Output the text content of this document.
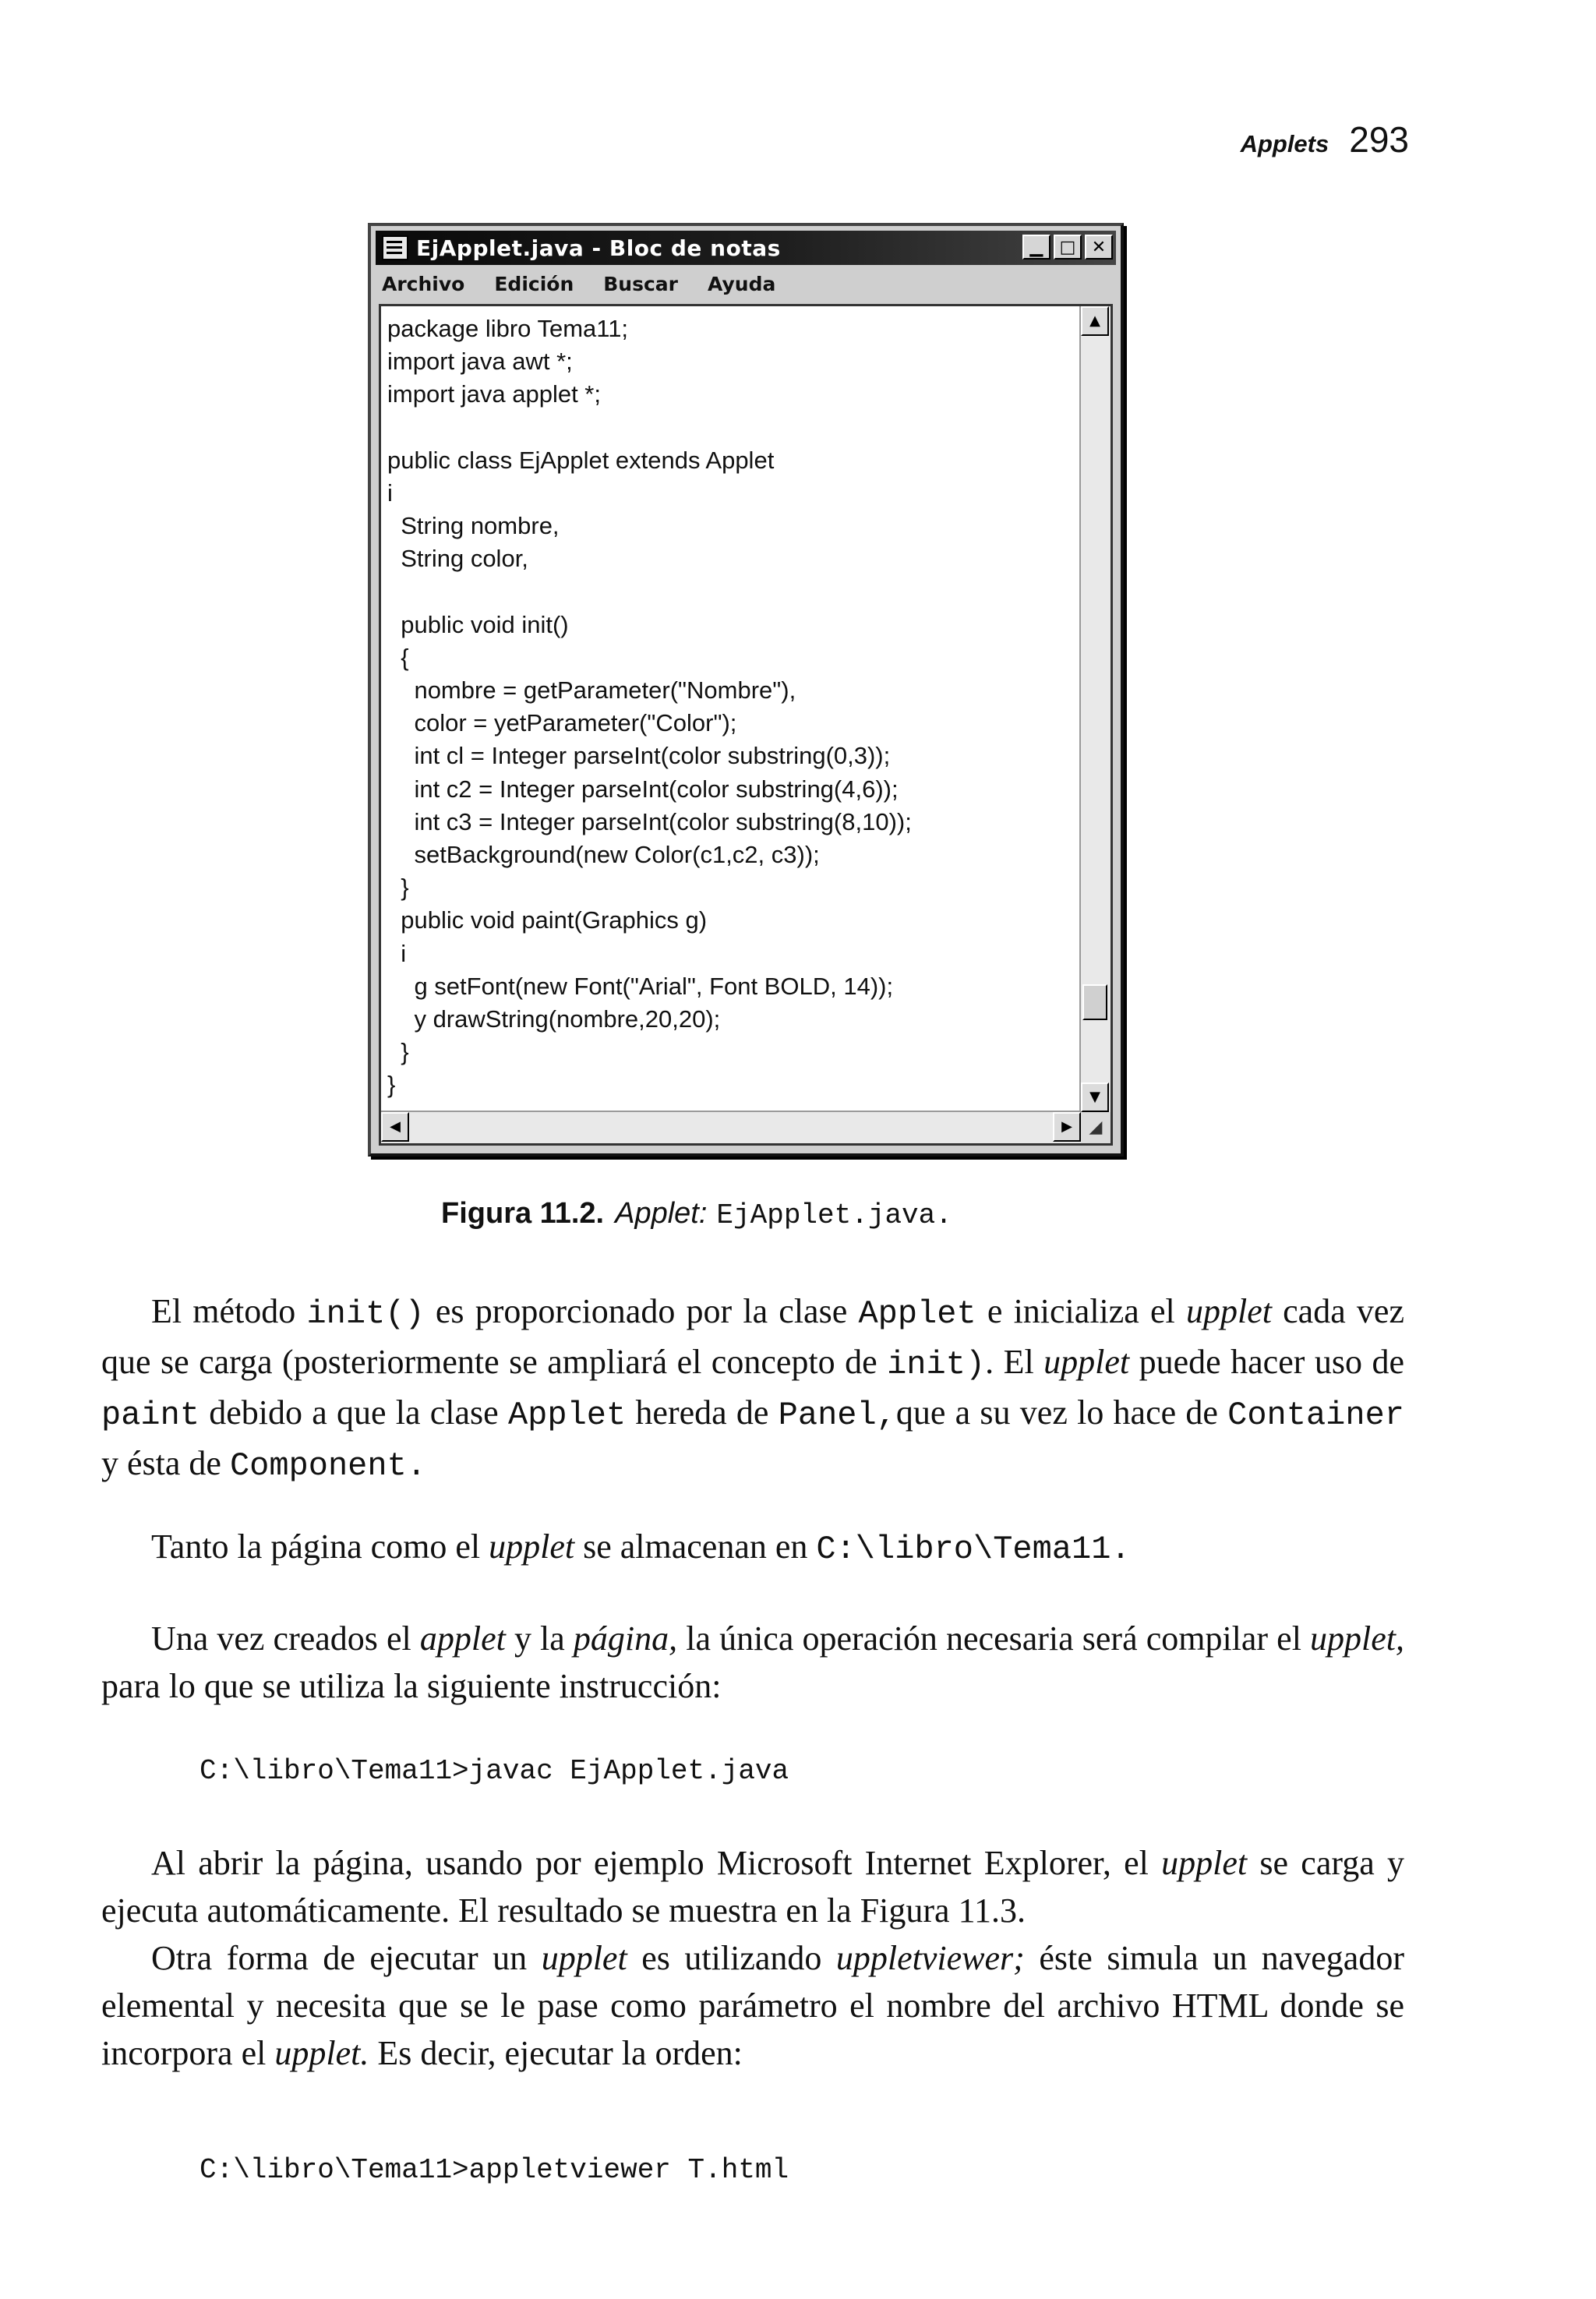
Applets 293
EjApplet.java - Bloc de notas	▁ □ ✕
Archivo Edición Buscar Ayuda
package libro Tema11;
import java awt *;
import java applet *;
public class EjApplet extends Applet
i
String nombre,
String color,
public void init()
{
nombre = getParameter("Nombre"),
color = yetParameter("Color");
int cl = Integer parseInt(color substring(0,3));
int c2 = Integer parseInt(color substring(4,6));
int c3 = Integer parseInt(color substring(8,10));
setBackground(new Color(c1,c2, c3));
}
public void paint(Graphics g)
i
g setFont(new Font("Arial", Font BOLD, 14));
y drawString(nombre,20,20);
}
}
▲
▼
◀	▶ ◢
Figura 11.2. Applet: EjApplet.java.
El método init() es proporcionado por la clase Applet e inicializa el upplet cada vez que se carga (posteriormente se ampliará el concepto de init). El upplet puede hacer uso de paint debido a que la clase Applet hereda de Panel,que a su vez lo hace de Container y ésta de Component.
Tanto la página como el upplet se almacenan en C:\libro\Tema11.
Una vez creados el applet y la página, la única operación necesaria será compilar el upplet, para lo que se utiliza la siguiente instrucción:
C:\libro\Tema11>javac EjApplet.java
Al abrir la página, usando por ejemplo Microsoft Internet Explorer, el upplet se carga y ejecuta automáticamente. El resultado se muestra en la Figura 11.3.
Otra forma de ejecutar un upplet es utilizando uppletviewer; éste simula un navegador elemental y necesita que se le pase como parámetro el nombre del archivo HTML donde se incorpora el upplet. Es decir, ejecutar la orden:
C:\libro\Tema11>appletviewer T.html
